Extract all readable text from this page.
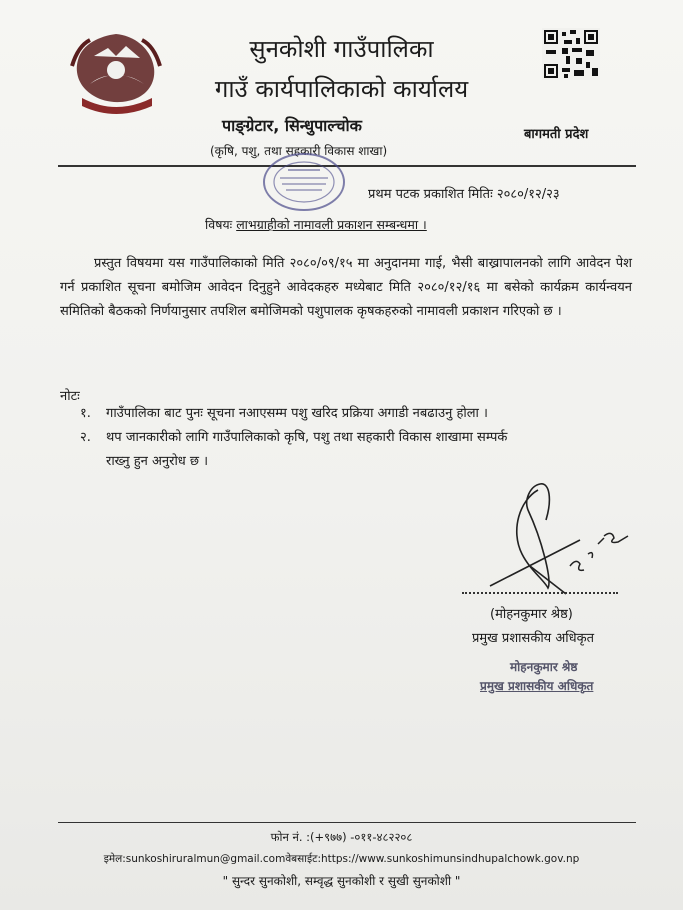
सुनकोशी गाउँपालिका
गाउँ कार्यपालिकाको कार्यालय
पाङ्ग्रेटार, सिन्धुपाल्चोक
(कृषि, पशु, तथा सहकारी विकास शाखा)
बागमती प्रदेश
प्रथम पटक प्रकाशित मितिः २०८०/१२/२३
विषयः लाभग्राहीको नामावली प्रकाशन सम्बन्धमा ।

प्रस्तुत विषयमा यस गाउँपालिकाको मिति २०८०/०९/१५ मा अनुदानमा गाई, भैसी बाख्रापालनको लागि आवेदन पेश गर्न प्रकाशित सूचना बमोजिम आवेदन दिनुहुने आवेदकहरु मध्येबाट मिति २०८०/१२/१६ मा बसेको कार्यक्रम कार्यन्वयन समितिको बैठकको निर्णयानुसार तपशिल बमोजिमको पशुपालक कृषकहरुको नामावली प्रकाशन गरिएको छ ।

नोटः
१. गाउँपालिका बाट पुनः सूचना नआएसम्म पशु खरिद प्रक्रिया अगाडी नबढाउनु होला ।
२. थप जानकारीको लागि गाउँपालिकाको कृषि, पशु तथा सहकारी विकास शाखामा सम्पर्क
राख्नु हुन अनुरोध छ ।
(मोहनकुमार श्रेष्ठ)
प्रमुख प्रशासकीय अधिकृत
मोहनकुमार श्रेष्ठ
प्रमुख प्रशासकीय अधिकृत
फोन नं. :(+९७७) -०११-४८२२०८
इमेल:sunkoshiruralmun@gmail.comवेबसाईट:https://www.sunkoshimunsindhupalchowk.gov.np
" सुन्दर सुनकोशी, सम्वृद्ध सुनकोशी र सुखी सुनकोशी "
